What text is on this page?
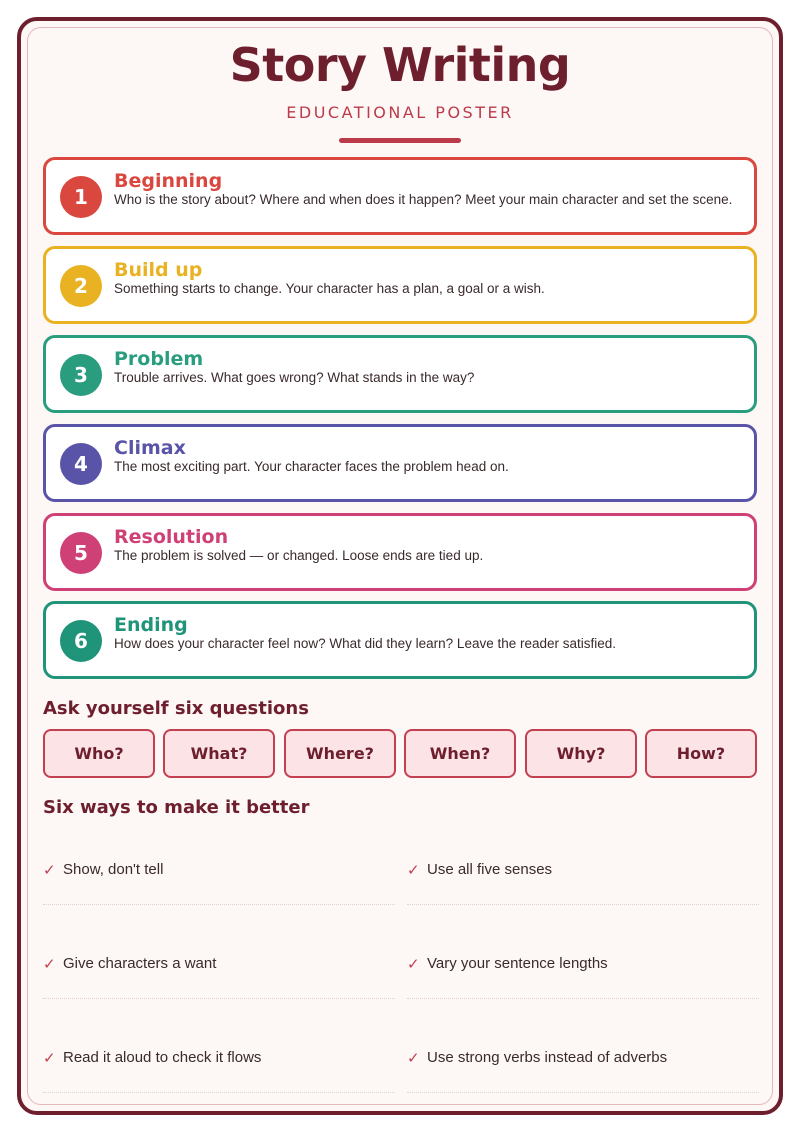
Story Writing
EDUCATIONAL POSTER
1
Beginning
Who is the story about? Where and when does it happen? Meet your main character and set the scene.
2
Build up
Something starts to change. Your character has a plan, a goal or a wish.
3
Problem
Trouble arrives. What goes wrong? What stands in the way?
4
Climax
The most exciting part. Your character faces the problem head on.
5
Resolution
The problem is solved — or changed. Loose ends are tied up.
6
Ending
How does your character feel now? What did they learn? Leave the reader satisfied.
Ask yourself six questions
Who?	What?	Where?	When?	Why?	How?
Six ways to make it better
✓ Show, don't tell	✓ Use all five senses
✓ Give characters a want	✓ Vary your sentence lengths
✓ Read it aloud to check it flows	✓ Use strong verbs instead of adverbs
